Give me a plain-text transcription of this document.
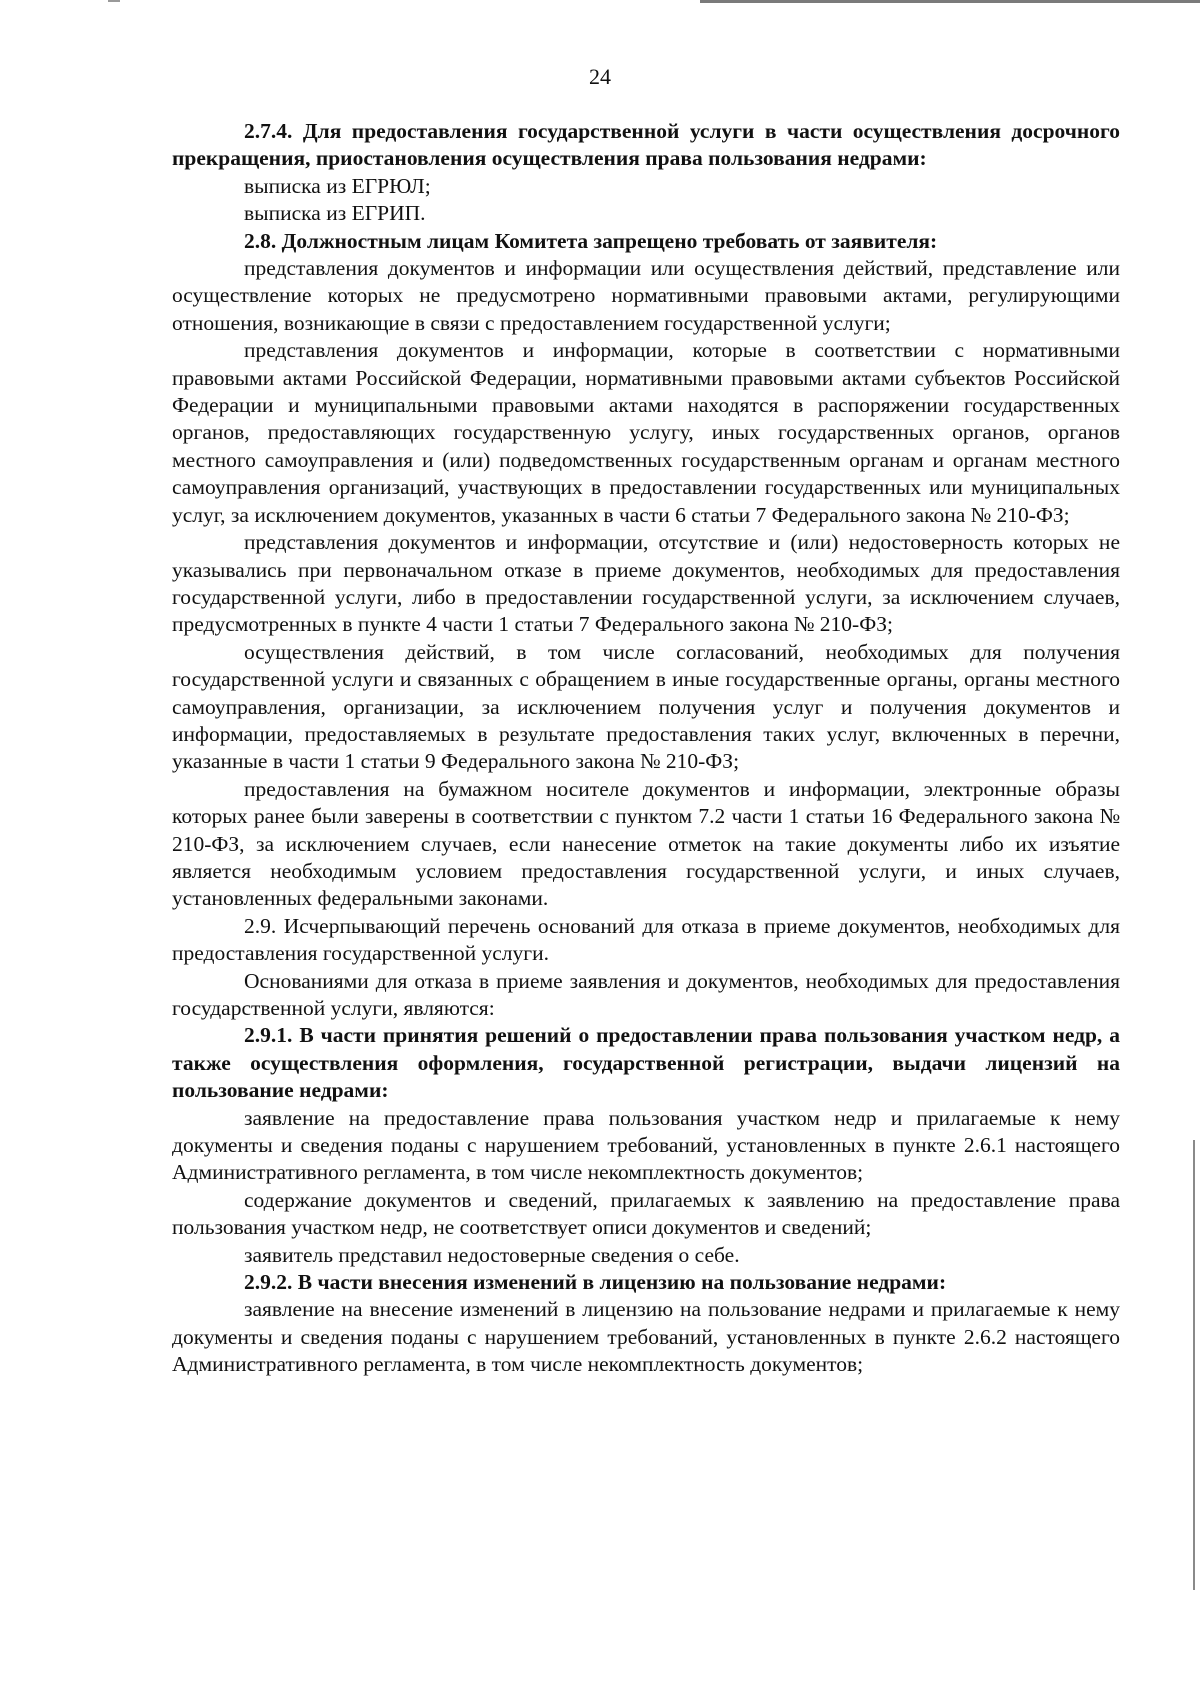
24

2.7.4. Для предоставления государственной услуги в части осуществления досрочного прекращения, приостановления осуществления права пользования недрами:

выписка из ЕГРЮЛ;

выписка из ЕГРИП.

2.8. Должностным лицам Комитета запрещено требовать от заявителя:

представления документов и информации или осуществления действий, представление или осуществление которых не предусмотрено нормативными правовыми актами, регулирующими отношения, возникающие в связи с предоставлением государственной услуги;

представления документов и информации, которые в соответствии с нормативными правовыми актами Российской Федерации, нормативными правовыми актами субъектов Российской Федерации и муниципальными правовыми актами находятся в распоряжении государственных органов, предоставляющих государственную услугу, иных государственных органов, органов местного самоуправления и (или) подведомственных государственным органам и органам местного самоуправления организаций, участвующих в предоставлении государственных или муниципальных услуг, за исключением документов, указанных в части 6 статьи 7 Федерального закона № 210-ФЗ;

представления документов и информации, отсутствие и (или) недостоверность которых не указывались при первоначальном отказе в приеме документов, необходимых для предоставления государственной услуги, либо в предоставлении государственной услуги, за исключением случаев, предусмотренных в пункте 4 части 1 статьи 7 Федерального закона № 210-ФЗ;

осуществления действий, в том числе согласований, необходимых для получения государственной услуги и связанных с обращением в иные государственные органы, органы местного самоуправления, организации, за исключением получения услуг и получения документов и информации, предоставляемых в результате предоставления таких услуг, включенных в перечни, указанные в части 1 статьи 9 Федерального закона № 210-ФЗ;

предоставления на бумажном носителе документов и информации, электронные образы которых ранее были заверены в соответствии с пунктом 7.2 части 1 статьи 16 Федерального закона № 210-ФЗ, за исключением случаев, если нанесение отметок на такие документы либо их изъятие является необходимым условием предоставления государственной услуги, и иных случаев, установленных федеральными законами.

2.9. Исчерпывающий перечень оснований для отказа в приеме документов, необходимых для предоставления государственной услуги.

Основаниями для отказа в приеме заявления и документов, необходимых для предоставления государственной услуги, являются:

2.9.1. В части принятия решений о предоставлении права пользования участком недр, а также осуществления оформления, государственной регистрации, выдачи лицензий на пользование недрами:

заявление на предоставление права пользования участком недр и прилагаемые к нему документы и сведения поданы с нарушением требований, установленных в пункте 2.6.1 настоящего Административного регламента, в том числе некомплектность документов;

содержание документов и сведений, прилагаемых к заявлению на предоставление права пользования участком недр, не соответствует описи документов и сведений;

заявитель представил недостоверные сведения о себе.

2.9.2. В части внесения изменений в лицензию на пользование недрами:

заявление на внесение изменений в лицензию на пользование недрами и прилагаемые к нему документы и сведения поданы с нарушением требований, установленных в пункте 2.6.2 настоящего Административного регламента, в том числе некомплектность документов;
